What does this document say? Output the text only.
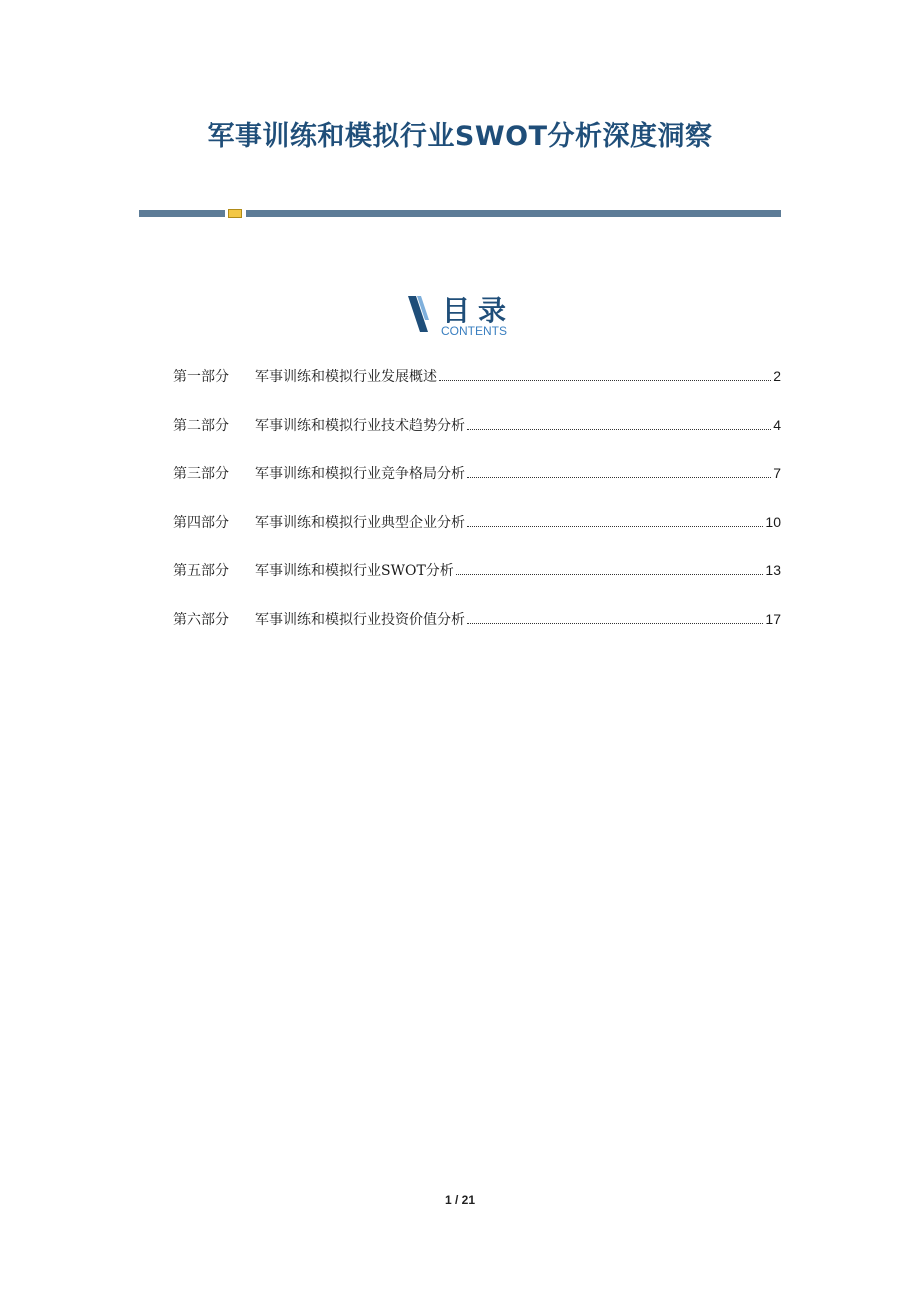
军事训练和模拟行业SWOT分析深度洞察
目录
CONTENTS
第一部分	军事训练和模拟行业发展概述	2
第二部分	军事训练和模拟行业技术趋势分析	4
第三部分	军事训练和模拟行业竞争格局分析	7
第四部分	军事训练和模拟行业典型企业分析	10
第五部分	军事训练和模拟行业SWOT分析	13
第六部分	军事训练和模拟行业投资价值分析	17
1 / 21
